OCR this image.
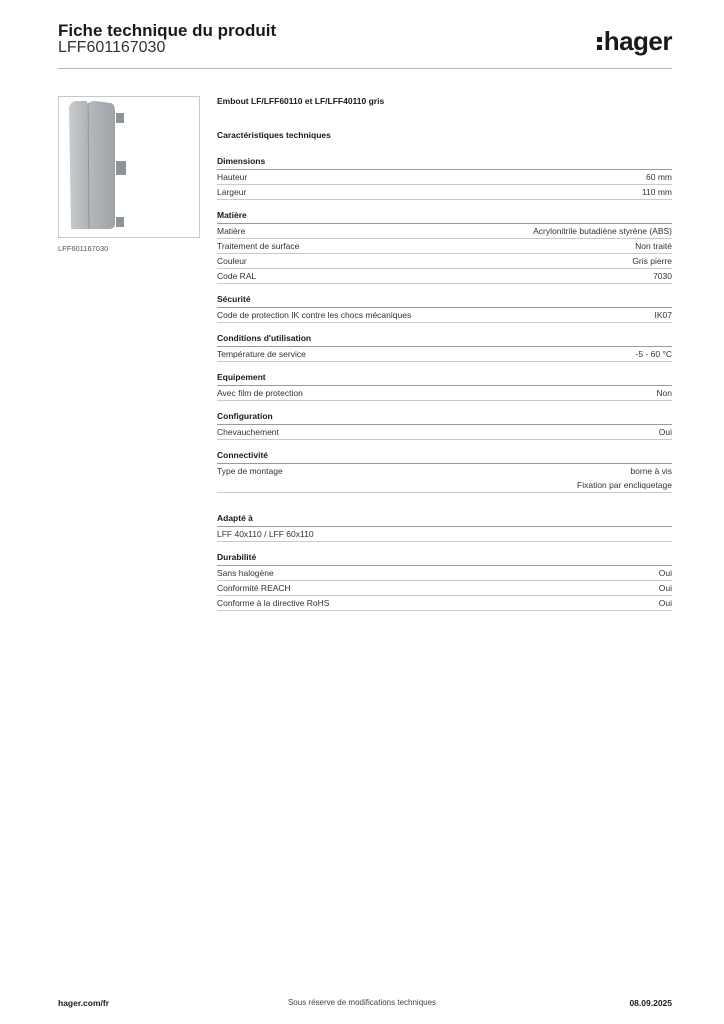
Fiche technique du produit
LFF601167030	hager
LFF601167030
Embout LF/LFF60110 et LF/LFF40110 gris
Caractéristiques techniques
Dimensions
Hauteur	60 mm
Largeur	110 mm
Matière
Matière	Acrylonitrile butadiène styrène (ABS)
Traitement de surface	Non traité
Couleur	Gris pierre
Code RAL	7030
Sécurité
Code de protection IK contre les chocs mécaniques	IK07
Conditions d'utilisation
Température de service	-5 - 60 °C
Equipement
Avec film de protection	Non
Configuration
Chevauchement	Oui
Connectivité
Type de montage	borne à vis
Fixation par encliquetage
Adapté à
LFF 40x110 / LFF 60x110
Durabilité
Sans halogène	Oui
Conformité REACH	Oui
Conforme à la directive RoHS	Oui
hager.com/fr	Sous réserve de modifications techniques	08.09.2025
